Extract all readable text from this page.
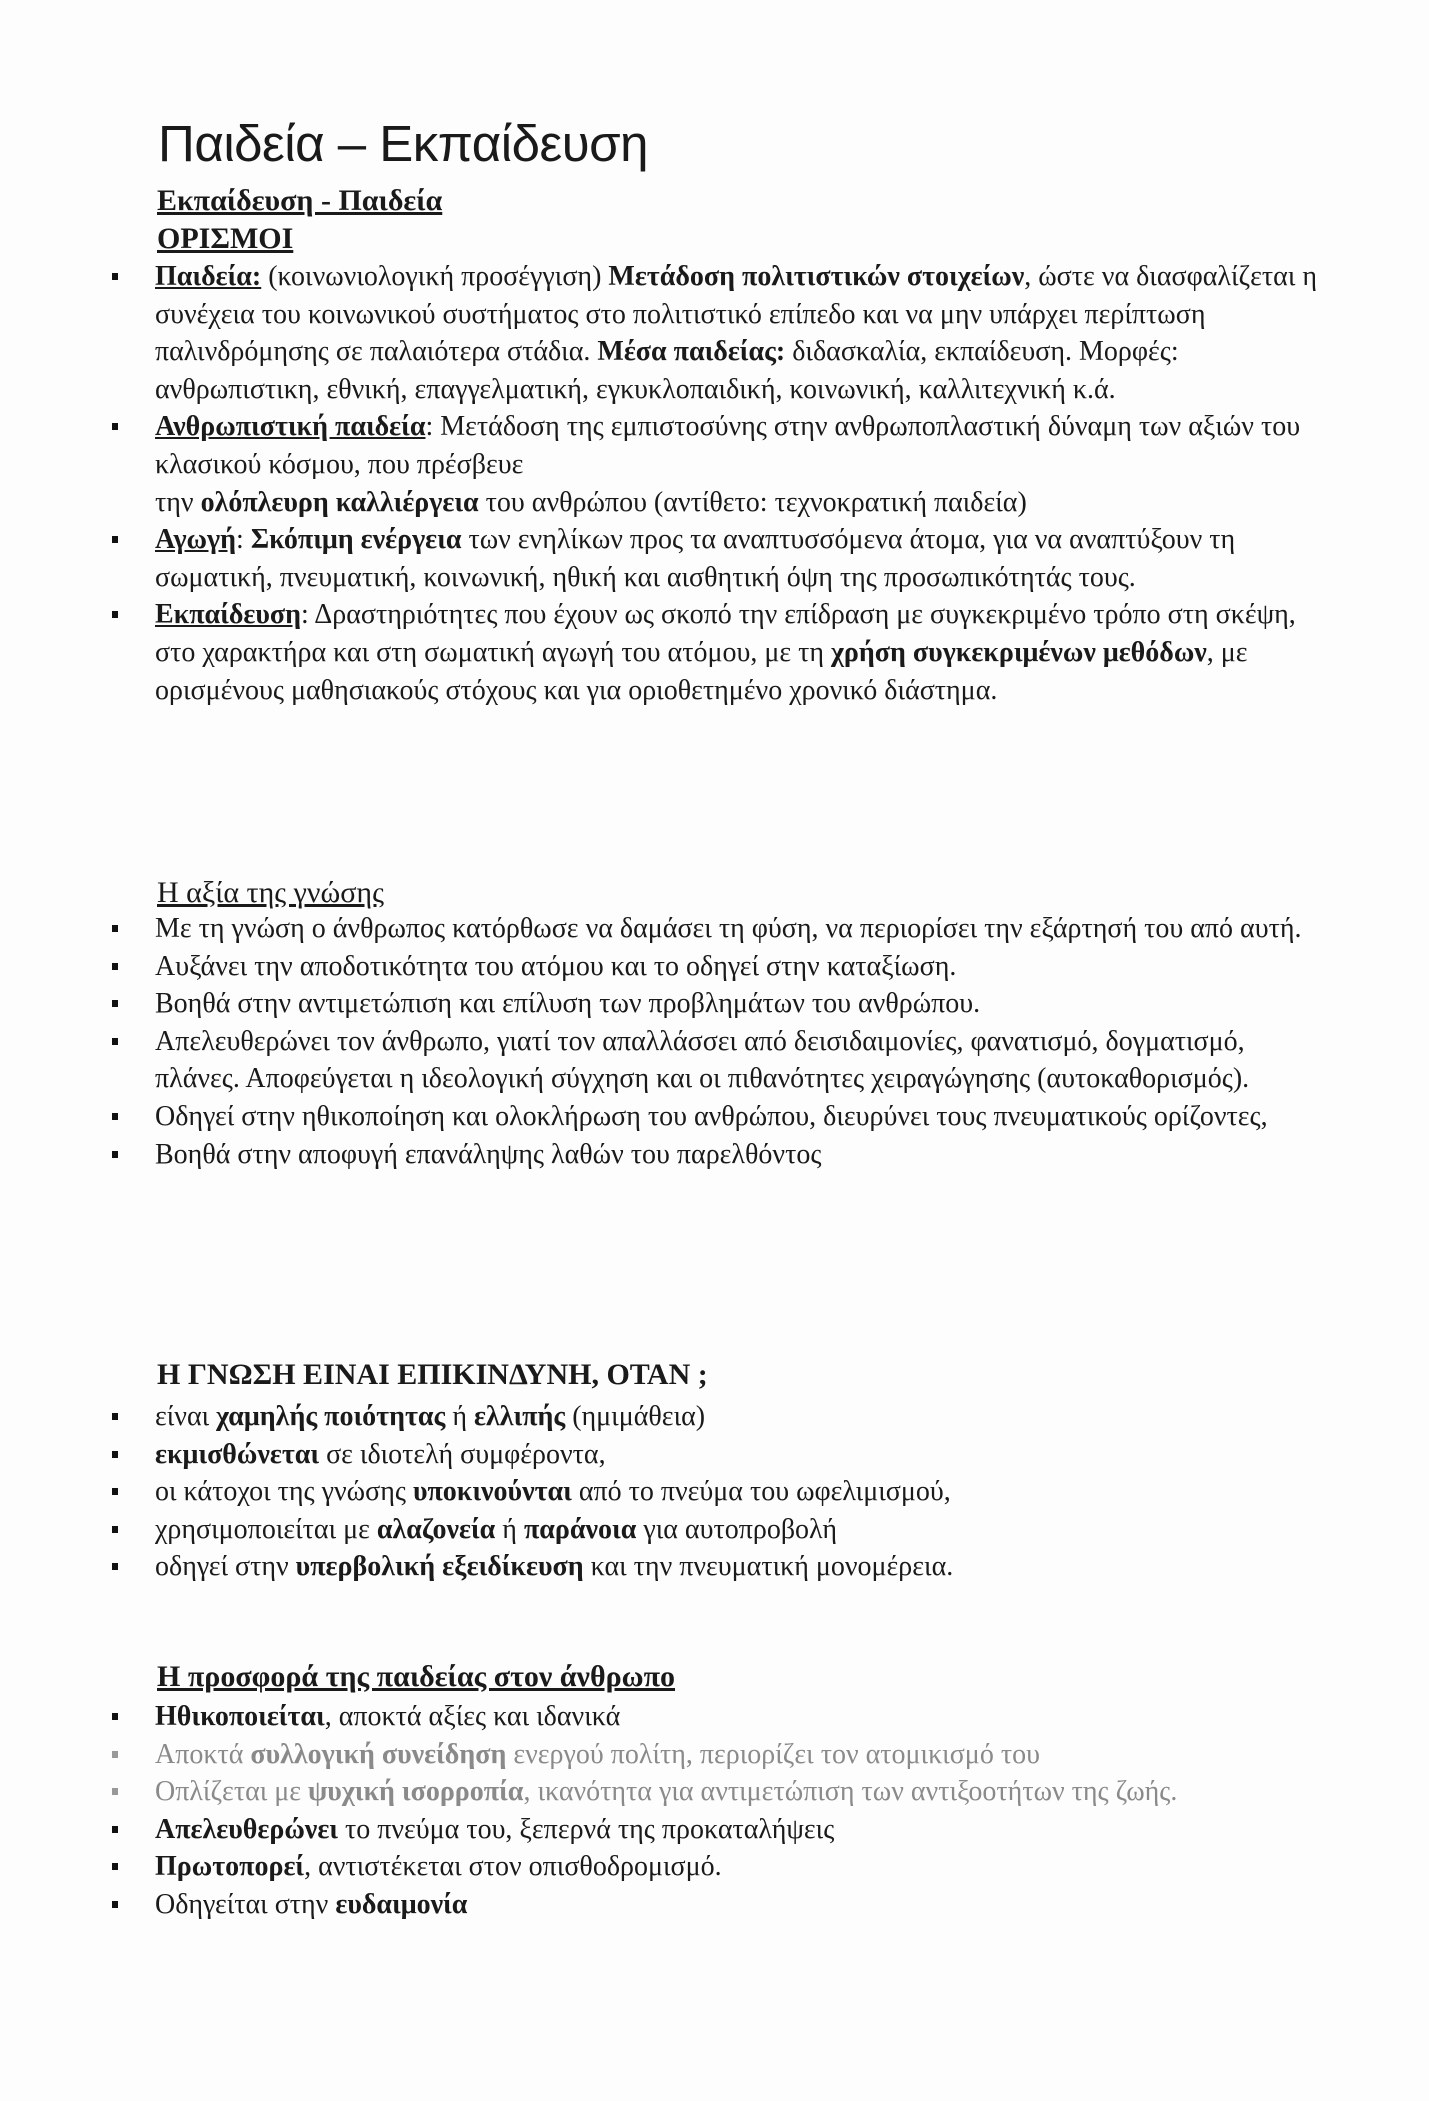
Παιδεία – Εκπαίδευση
Εκπαίδευση - Παιδεία
ΟΡΙΣΜΟΙ
Παιδεία: (κοινωνιολογική προσέγγιση) Μετάδοση πολιτιστικών στοιχείων, ώστε να διασφαλίζεται η συνέχεια του κοινωνικού συστήματος στο πολιτιστικό επίπεδο και να μην υπάρχει περίπτωση παλινδρόμησης σε παλαιότερα στάδια. Μέσα παιδείας: διδασκαλία, εκπαίδευση. Μορφές: ανθρωπιστικη, εθνική, επαγγελματική, εγκυκλοπαιδική, κοινωνική, καλλιτεχνική κ.ά.
Ανθρωπιστική παιδεία: Μετάδοση της εμπιστοσύνης στην ανθρωποπλαστική δύναμη των αξιών του κλασικού κόσμου, που πρέσβευε
την ολόπλευρη καλλιέργεια του ανθρώπου (αντίθετο: τεχνοκρατική παιδεία)
Αγωγή: Σκόπιμη ενέργεια των ενηλίκων προς τα αναπτυσσόμενα άτομα, για να αναπτύξουν τη σωματική, πνευματική, κοινωνική, ηθική και αισθητική όψη της προσωπικότητάς τους.
Εκπαίδευση: Δραστηριότητες που έχουν ως σκοπό την επίδραση με συγκεκριμένο τρόπο στη σκέψη, στο χαρακτήρα και στη σωματική αγωγή του ατόμου, με τη χρήση συγκεκριμένων μεθόδων, με ορισμένους μαθησιακούς στόχους και για οριοθετημένο χρονικό διάστημα.
Η αξία της γνώσης
Με τη γνώση ο άνθρωπος κατόρθωσε να δαμάσει τη φύση, να περιορίσει την εξάρτησή του από αυτή.
Αυξάνει την αποδοτικότητα του ατόμου και το οδηγεί στην καταξίωση.
Βοηθά στην αντιμετώπιση και επίλυση των προβλημάτων του ανθρώπου.
Απελευθερώνει τον άνθρωπο, γιατί τον απαλλάσσει από δεισιδαιμονίες, φανατισμό, δογματισμό, πλάνες. Αποφεύγεται η ιδεολογική σύγχηση και οι πιθανότητες χειραγώγησης (αυτοκαθορισμός).
Οδηγεί στην ηθικοποίηση και ολοκλήρωση του ανθρώπου, διευρύνει τους πνευματικούς ορίζοντες,
Βοηθά στην αποφυγή επανάληψης λαθών του παρελθόντος
Η ΓΝΩΣΗ ΕΙΝΑΙ ΕΠΙΚΙΝΔΥΝΗ, ΟΤΑΝ ;
είναι χαμηλής ποιότητας ή ελλιπής (ημιμάθεια)
εκμισθώνεται σε ιδιοτελή συμφέροντα,
οι κάτοχοι της γνώσης υποκινούνται από το πνεύμα του ωφελιμισμού,
χρησιμοποιείται με αλαζονεία ή παράνοια για αυτοπροβολή
οδηγεί στην υπερβολική εξειδίκευση και την πνευματική μονομέρεια.
Η προσφορά της παιδείας στον άνθρωπο
Ηθικοποιείται, αποκτά αξίες και ιδανικά
Αποκτά συλλογική συνείδηση ενεργού πολίτη, περιορίζει τον ατομικισμό του
Οπλίζεται με ψυχική ισορροπία, ικανότητα για αντιμετώπιση των αντιξοοτήτων της ζωής.
Απελευθερώνει το πνεύμα του, ξεπερνά της προκαταλήψεις
Πρωτοπορεί, αντιστέκεται στον οπισθοδρομισμό.
Οδηγείται στην ευδαιμονία
